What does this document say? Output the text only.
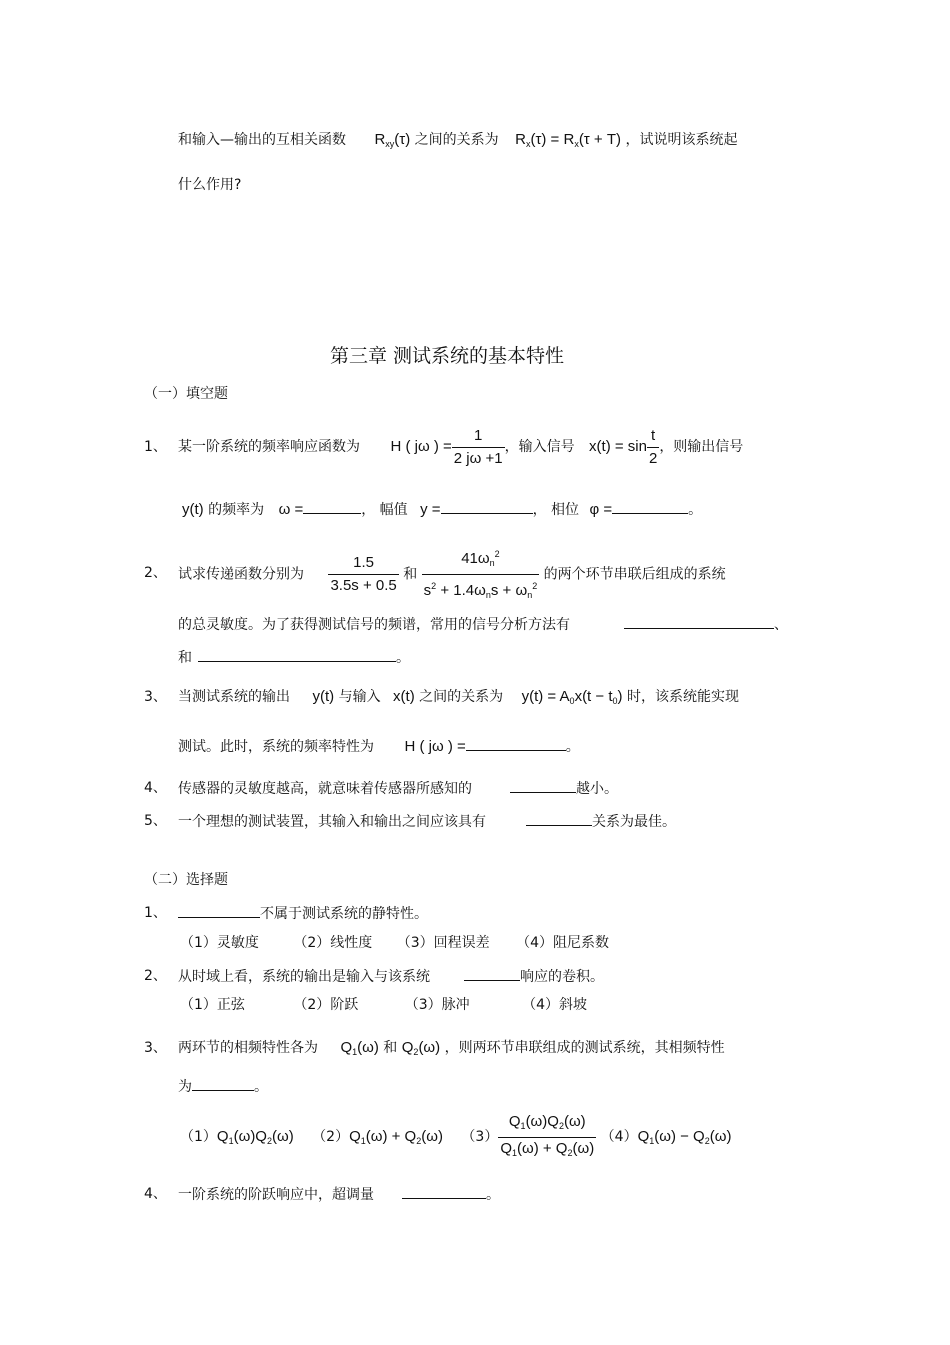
和输入—输出的互相关函数 $R_{xy}(\tau)$ 之间的关系为 $R_x(\tau) = R_x(\tau + T)$ ，试说明该系统起
什么作用?
第三章 测试系统的基本特性
（一）填空题
1、 某一阶系统的频率响应函数为 H ( jω ) = $\frac{1}{2 j\omega +1}$ ，输入信号 $x(t) = \sin \frac{t}{2}$ ，则输出信号
y(t) 的频率为 ω =	， 幅值 y =	， 相位 φ =	。
2、 试求传递函数分别为 $\frac{1.5}{3.5s + 0.5}$ 和 $\frac{41\omega_n^2}{s^2 + 1.4\omega_ns + \omega_n^2}$ 的两个环节串联后组成的系统
的总灵敏度。为了获得测试信号的频谱，常用的信号分析方法有	、
和	。
3、 当测试系统的输出 y(t) 与输入 x(t) 之间的关系为 $y(t) = A_0x(t - t_0)$ 时，该系统能实现
测试。此时，系统的频率特性为 H ( jω ) =	。
4、 传感器的灵敏度越高，就意味着传感器所感知的	越小。
5、 一个理想的测试装置，其输入和输出之间应该具有	关系为最佳。
（二）选择题
1、	不属于测试系统的静特性。
（1）灵敏度 （2）线性度 （3）回程误差 （4）阻尼系数
2、 从时域上看，系统的输出是输入与该系统	响应的卷积。
（1）正弦	（2）阶跃	（3）脉冲	（4）斜坡
3、 两环节的相频特性各为 $Q_1(\omega)$ 和 $Q_2(\omega)$ ，则两环节串联组成的测试系统，其相频特性
为	。
$(1)Q_1(\omega)Q_2(\omega) (2)Q_1(\omega) + Q_2(\omega)$ $(3) \frac{Q_1(\omega)Q_2(\omega)}{Q_1(\omega) + Q_2(\omega)} (4)Q_1(\omega) - Q_2(\omega)$
4、 一阶系统的阶跃响应中，超调量	。
